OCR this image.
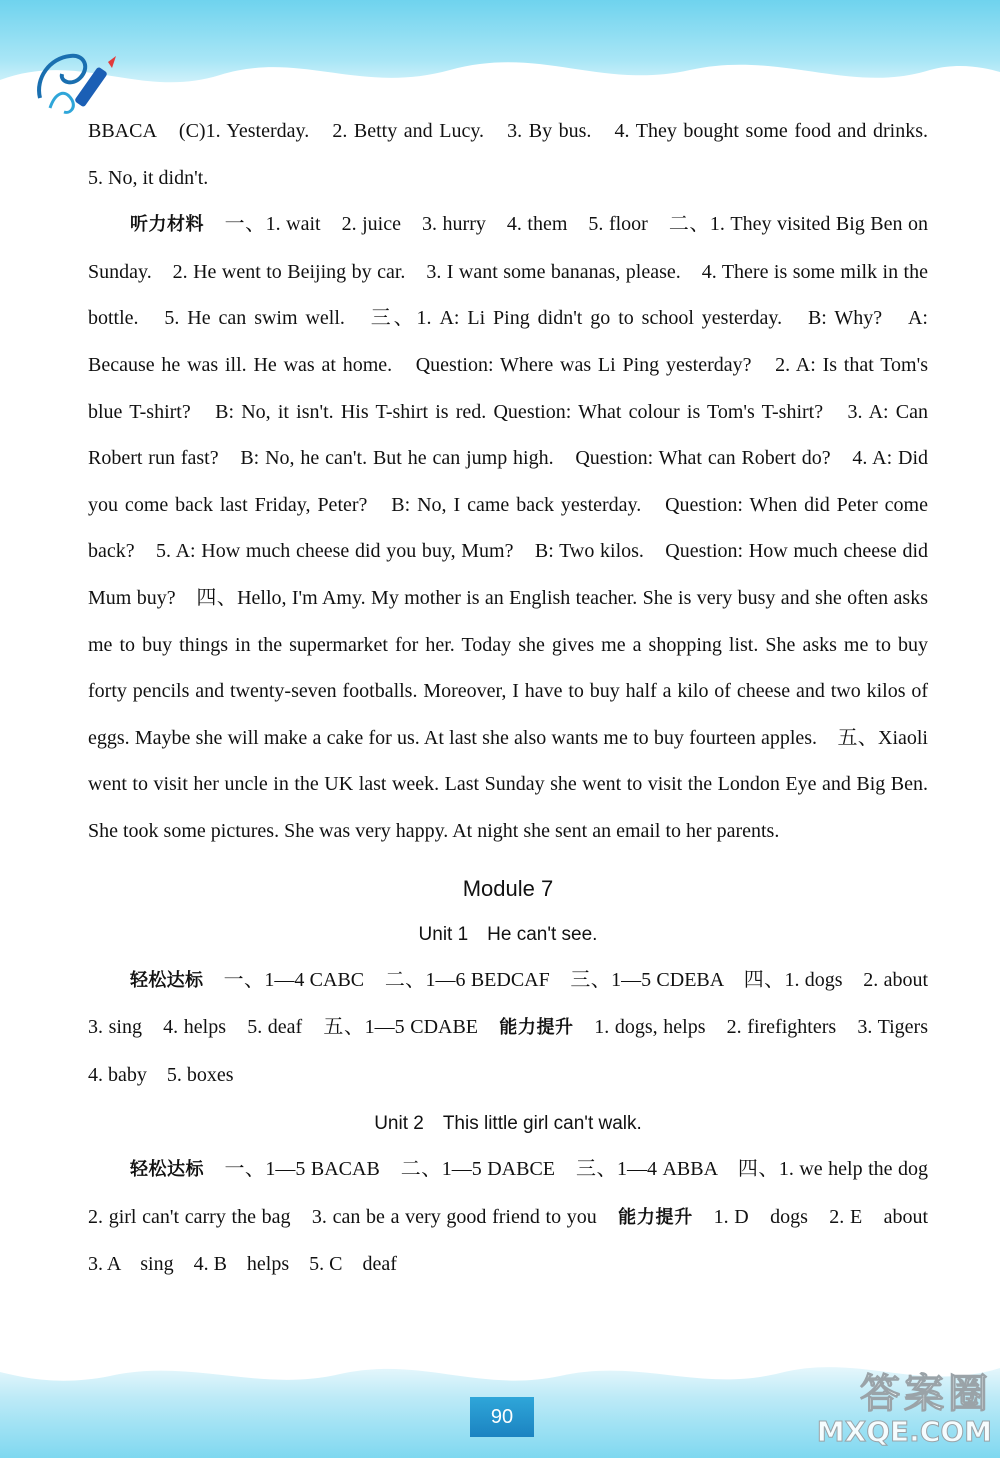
90	答案圈
MXQE.COM

BBACA　(C)1. Yesterday.　2. Betty and Lucy.　3. By bus.　4. They bought some food and drinks.　5. No, it didn't.

听力材料　一、1. wait　2. juice　3. hurry　4. them　5. floor　二、1. They visited Big Ben on Sunday.　2. He went to Beijing by car.　3. I want some bananas, please.　4. There is some milk in the bottle.　5. He can swim well.　三、1. A: Li Ping didn't go to school yesterday.　B: Why?　A: Because he was ill. He was at home.　Question: Where was Li Ping yesterday?　2. A: Is that Tom's blue T-shirt?　B: No, it isn't. His T-shirt is red. Question: What colour is Tom's T-shirt?　3. A: Can Robert run fast?　B: No, he can't. But he can jump high.　Question: What can Robert do?　4. A: Did you come back last Friday, Peter?　B: No, I came back yesterday.　Question: When did Peter come back?　5. A: How much cheese did you buy, Mum?　B: Two kilos.　Question: How much cheese did Mum buy?　四、Hello, I'm Amy. My mother is an English teacher. She is very busy and she often asks me to buy things in the supermarket for her. Today she gives me a shopping list. She asks me to buy forty pencils and twenty-seven footballs. Moreover, I have to buy half a kilo of cheese and two kilos of eggs. Maybe she will make a cake for us. At last she also wants me to buy fourteen apples.　五、Xiaoli went to visit her uncle in the UK last week. Last Sunday she went to visit the London Eye and Big Ben. She took some pictures. She was very happy. At night she sent an email to her parents.

Module 7
Unit 1　He can't see.

轻松达标　一、1—4 CABC　二、1—6 BEDCAF　三、1—5 CDEBA　四、1. dogs　2. about　3. sing　4. helps　5. deaf　五、1—5 CDABE　能力提升　1. dogs, helps　2. firefighters　3. Tigers　4. baby　5. boxes

Unit 2　This little girl can't walk.

轻松达标　一、1—5 BACAB　二、1—5 DABCE　三、1—4 ABBA　四、1. we help the dog　2. girl can't carry the bag　3. can be a very good friend to you　能力提升　1. D　dogs　2. E　about　3. A　sing　4. B　helps　5. C　deaf
